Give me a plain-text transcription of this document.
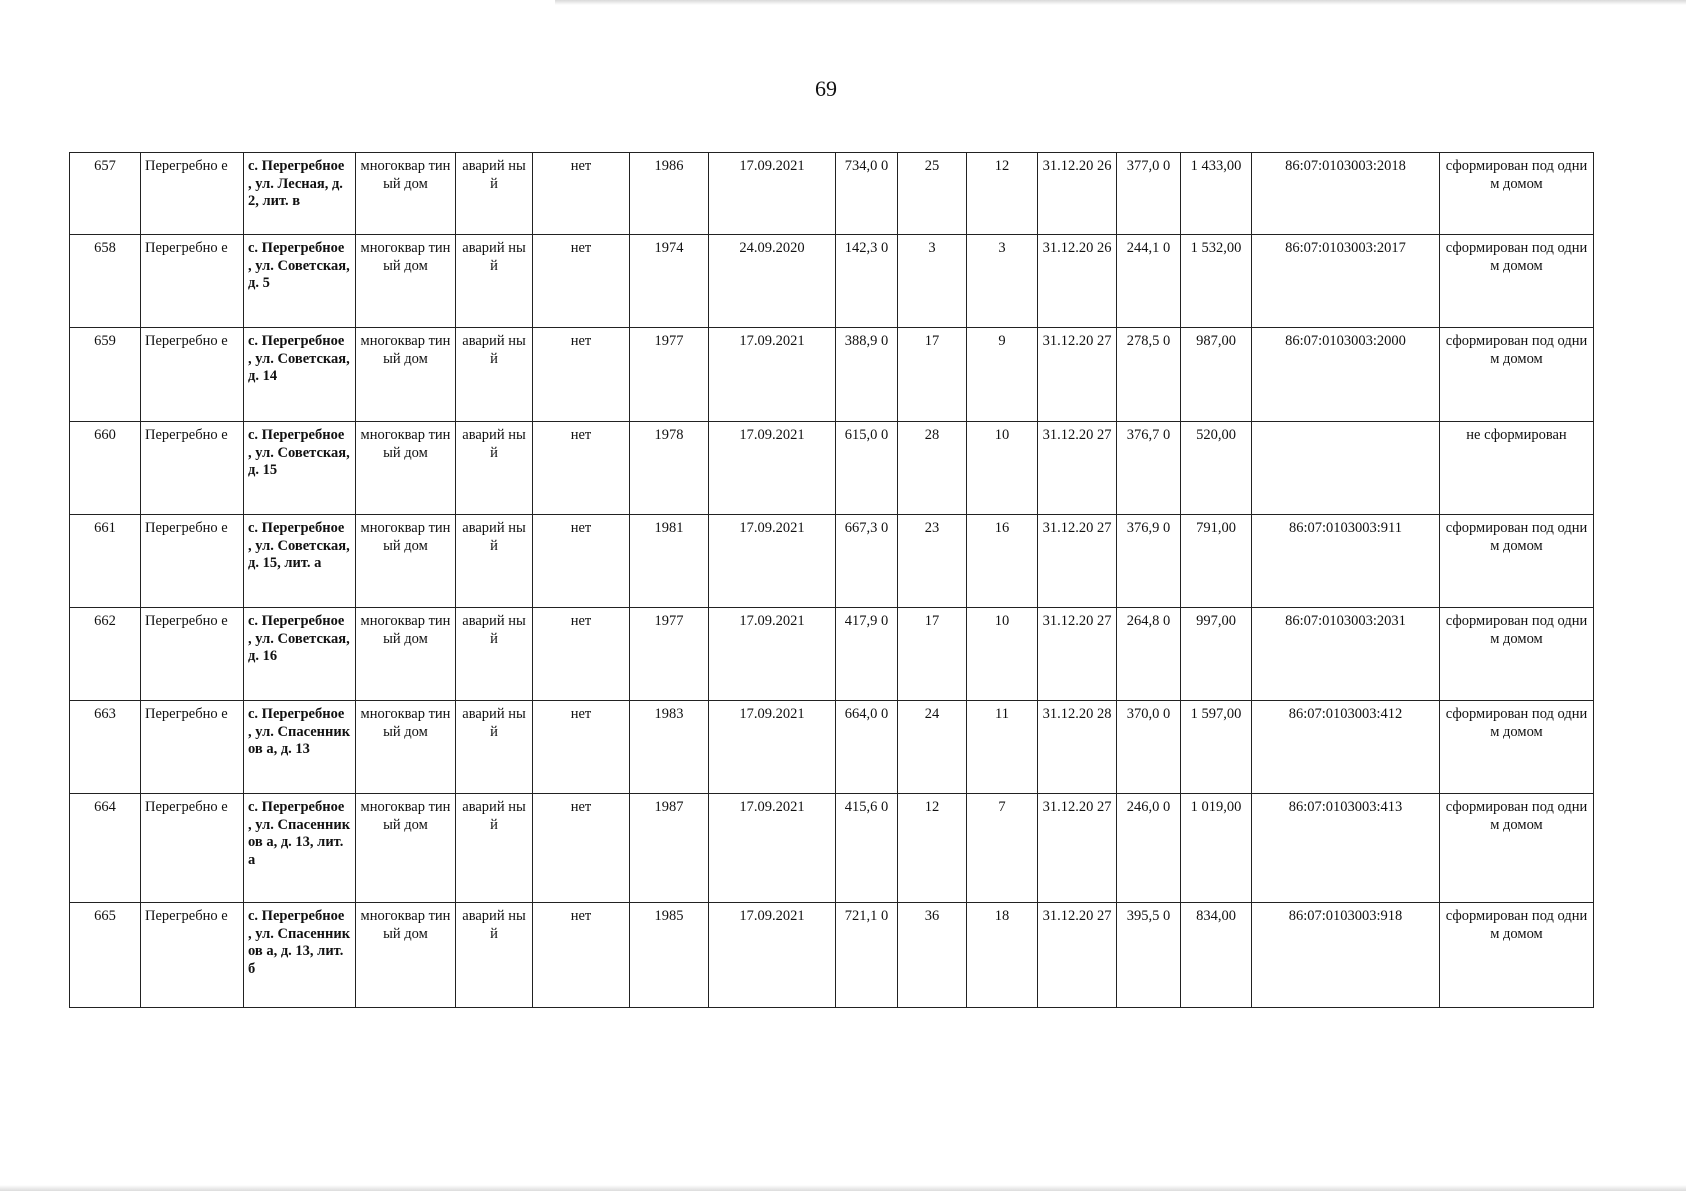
69
657	Перегребно е	с. Перегребное , ул. Лесная, д. 2, лит. в	многоквар тиный дом	аварий ный	нет	1986	17.09.2021	734,0 0	25	12	31.12.20 26	377,0 0	1 433,00	86:07:0103003:2018	сформирован под одним домом
658	Перегребно е	с. Перегребное , ул. Советская, д. 5	многоквар тиный дом	аварий ный	нет	1974	24.09.2020	142,3 0	3	3	31.12.20 26	244,1 0	1 532,00	86:07:0103003:2017	сформирован под одним домом
659	Перегребно е	с. Перегребное , ул. Советская, д. 14	многоквар тиный дом	аварий ный	нет	1977	17.09.2021	388,9 0	17	9	31.12.20 27	278,5 0	987,00	86:07:0103003:2000	сформирован под одним домом
660	Перегребно е	с. Перегребное , ул. Советская, д. 15	многоквар тиный дом	аварий ный	нет	1978	17.09.2021	615,0 0	28	10	31.12.20 27	376,7 0	520,00		не сформирован
661	Перегребно е	с. Перегребное , ул. Советская, д. 15, лит. а	многоквар тиный дом	аварий ный	нет	1981	17.09.2021	667,3 0	23	16	31.12.20 27	376,9 0	791,00	86:07:0103003:911	сформирован под одним домом
662	Перегребно е	с. Перегребное , ул. Советская, д. 16	многоквар тиный дом	аварий ный	нет	1977	17.09.2021	417,9 0	17	10	31.12.20 27	264,8 0	997,00	86:07:0103003:2031	сформирован под одним домом
663	Перегребно е	с. Перегребное , ул. Спасенников а, д. 13	многоквар тиный дом	аварий ный	нет	1983	17.09.2021	664,0 0	24	11	31.12.20 28	370,0 0	1 597,00	86:07:0103003:412	сформирован под одним домом
664	Перегребно е	с. Перегребное , ул. Спасенников а, д. 13, лит. а	многоквар тиный дом	аварий ный	нет	1987	17.09.2021	415,6 0	12	7	31.12.20 27	246,0 0	1 019,00	86:07:0103003:413	сформирован под одним домом
665	Перегребно е	с. Перегребное , ул. Спасенников а, д. 13, лит. б	многоквар тиный дом	аварий ный	нет	1985	17.09.2021	721,1 0	36	18	31.12.20 27	395,5 0	834,00	86:07:0103003:918	сформирован под одним домом
